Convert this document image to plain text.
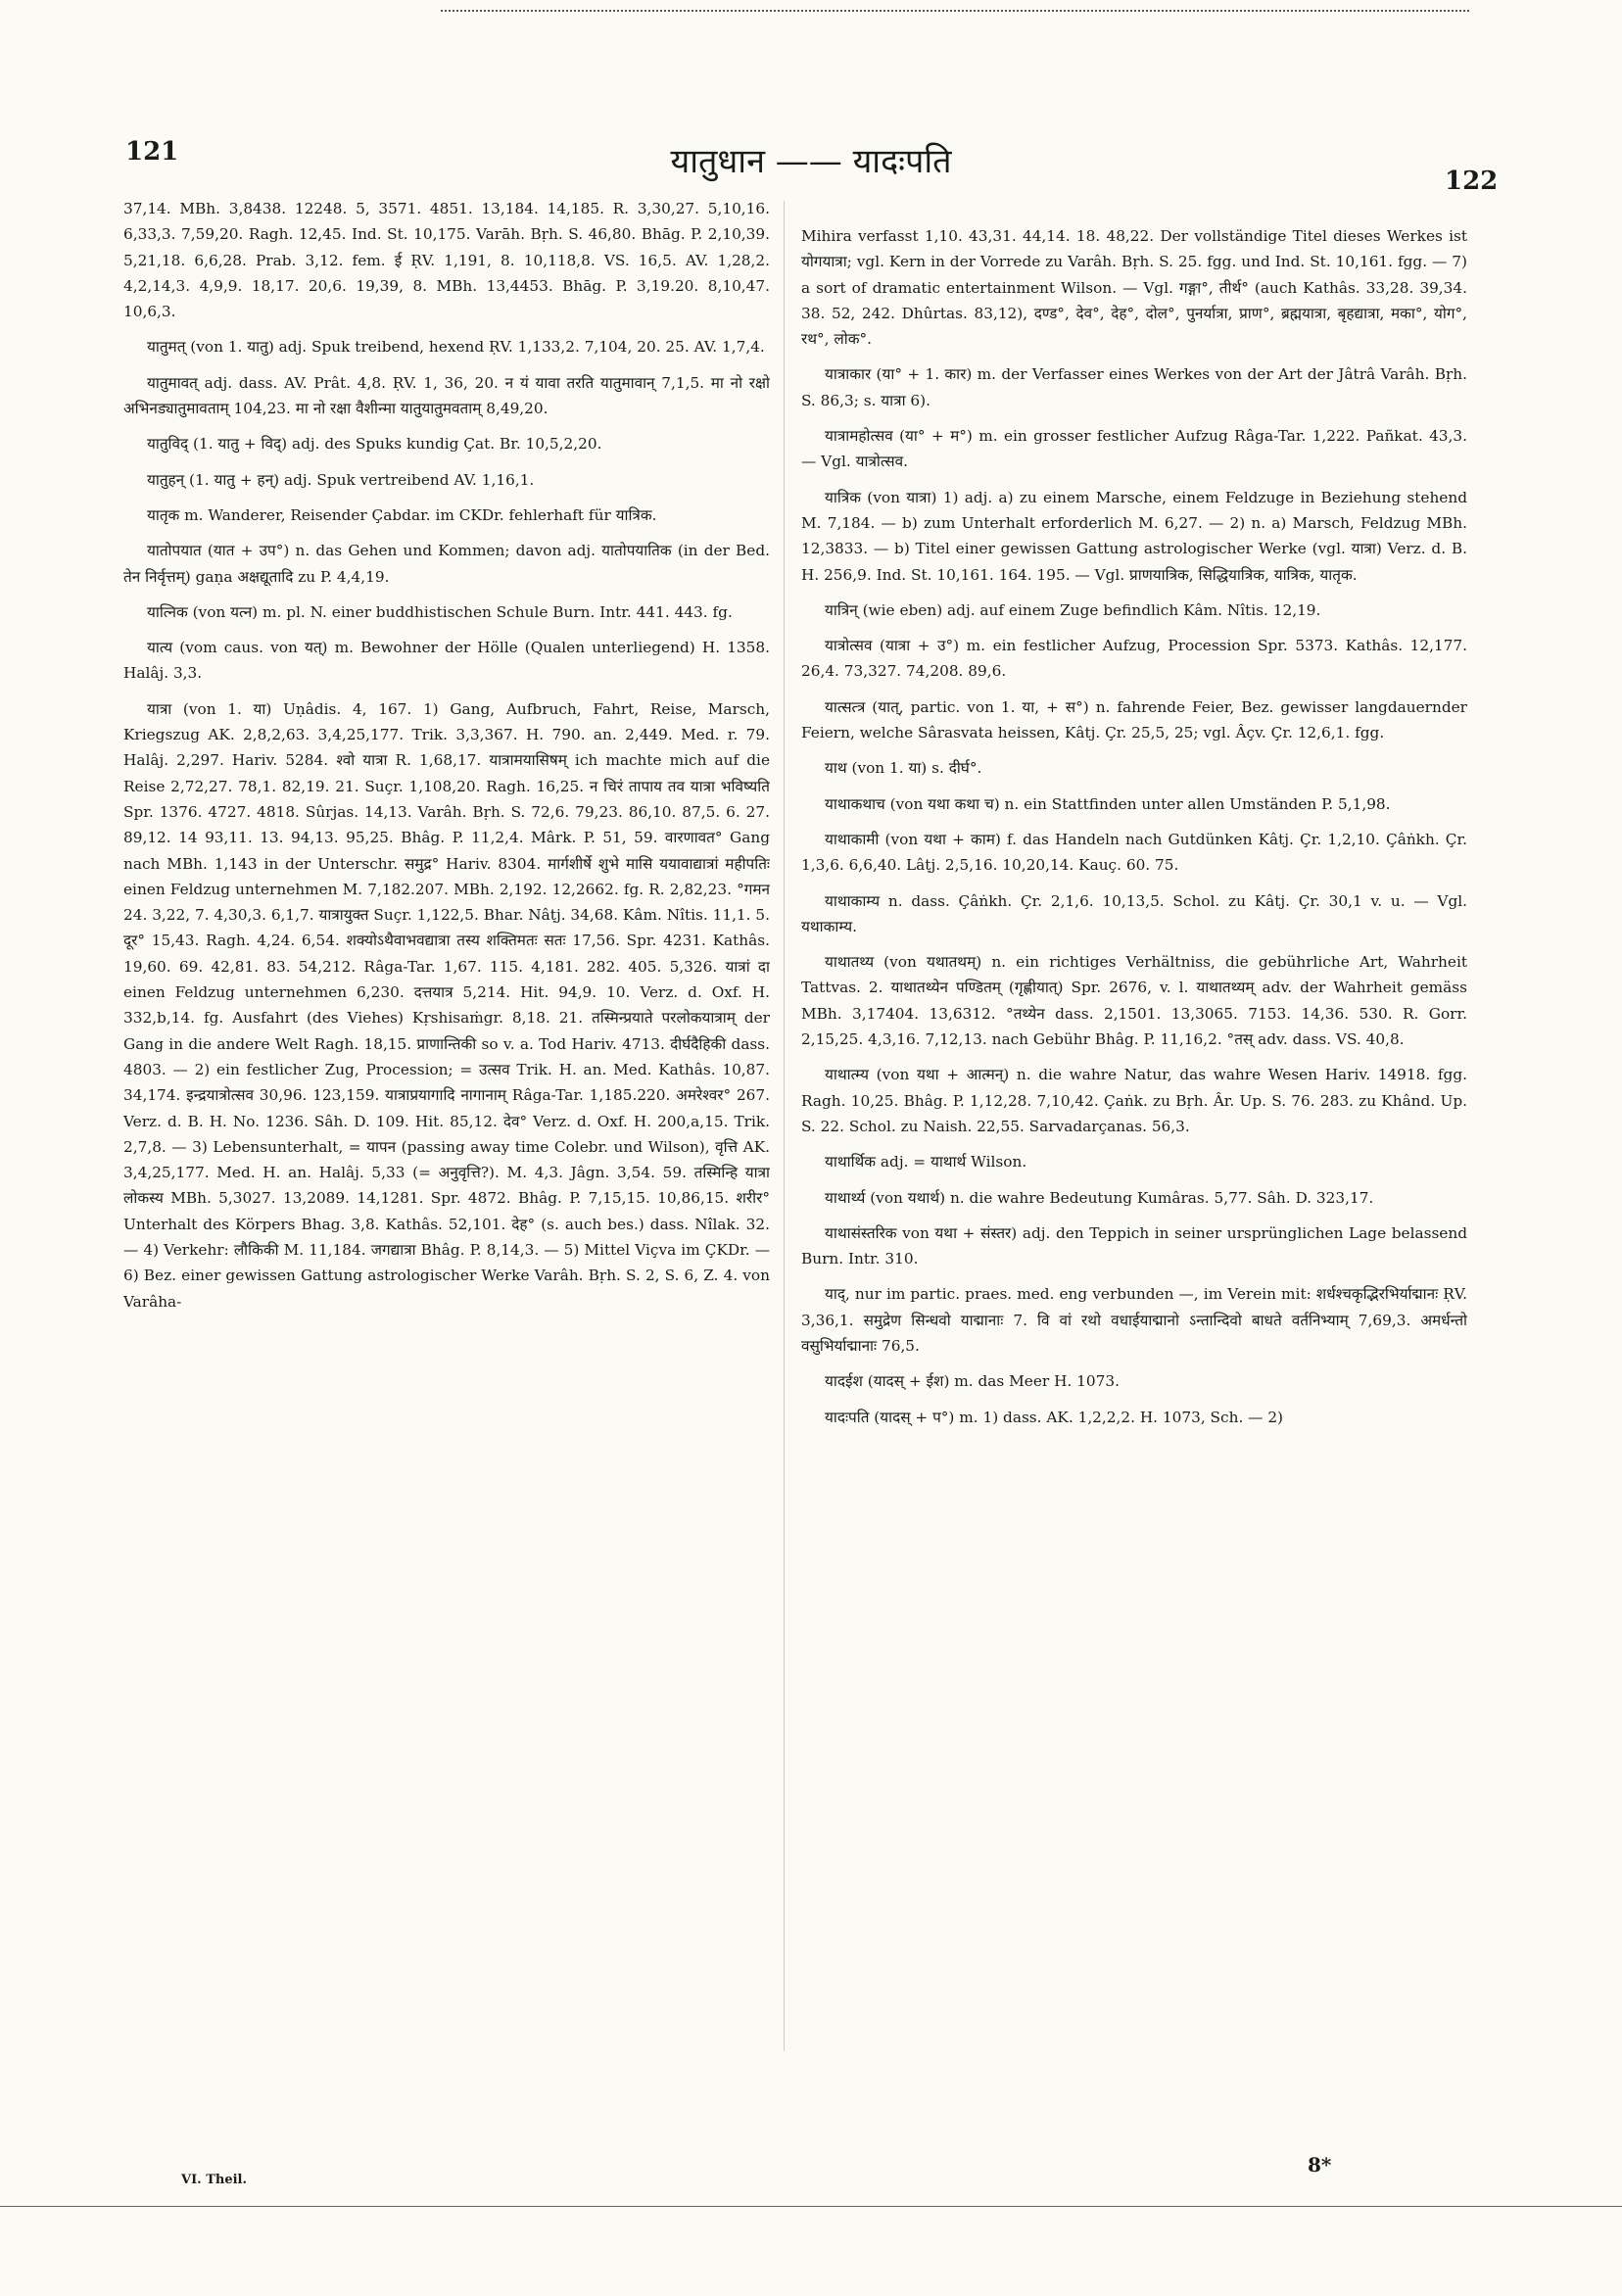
121	यातुधान —— यादःपति	122

37,14. MBh. 3,8438. 12248. 5, 3571. 4851. 13,184. 14,185. R. 3,30,27. 5,10,16. 6,33,3. 7,59,20. Ragh. 12,45. Ind. St. 10,175. Varāh. Bṛh. S. 46,80. Bhāg. P. 2,10,39. 5,21,18. 6,6,28. Prab. 3,12. fem. ई ṚV. 1,191, 8. 10,118,8. VS. 16,5. AV. 1,28,2. 4,2,14,3. 4,9,9. 18,17. 20,6. 19,39, 8. MBh. 13,4453. Bhāg. P. 3,19.20. 8,10,47. 10,6,3.

यातुमत् (von 1. यातु) adj. Spuk treibend, hexend ṚV. 1,133,2. 7,104, 20. 25. AV. 1,7,4.

यातुमावत् adj. dass. AV. Prât. 4,8. ṚV. 1, 36, 20. न यं यावा तरति यातुमावान् 7,1,5. मा नो रक्षो अभिनड्यातुमावताम् 104,23. मा नो रक्षा वैशीन्मा यातुयातुमवताम् 8,49,20.

यातुविद् (1. यातु + विद्) adj. des Spuks kundig Çat. Br. 10,5,2,20.

यातुहन् (1. यातु + हन्) adj. Spuk vertreibend AV. 1,16,1.

यातृक m. Wanderer, Reisender Çabdar. im CKDr. fehlerhaft für यात्रिक.

यातोपयात (यात + उप°) n. das Gehen und Kommen; davon adj. यातोपयातिक (in der Bed. तेन निर्वृत्तम्) gaṇa अक्षद्यूतादि zu P. 4,4,19.

यात्निक (von यत्न) m. pl. N. einer buddhistischen Schule Burn. Intr. 441. 443. fg.

यात्य (vom caus. von यत्) m. Bewohner der Hölle (Qualen unterliegend) H. 1358. Halâj. 3,3.

यात्रा (von 1. या) Uṇâdis. 4, 167. 1) Gang, Aufbruch, Fahrt, Reise, Marsch, Kriegszug AK. 2,8,2,63. 3,4,25,177. Trik. 3,3,367. H. 790. an. 2,449. Med. r. 79. Halâj. 2,297. Hariv. 5284. श्वो यात्रा R. 1,68,17. यात्रामयासिषम् ich machte mich auf die Reise 2,72,27. 78,1. 82,19. 21. Suçr. 1,108,20. Ragh. 16,25. न चिरं तापाय तव यात्रा भविष्यति Spr. 1376. 4727. 4818. Sûrjas. 14,13. Varâh. Bṛh. S. 72,6. 79,23. 86,10. 87,5. 6. 27. 89,12. 14 93,11. 13. 94,13. 95,25. Bhâg. P. 11,2,4. Mârk. P. 51, 59. वारणावत° Gang nach MBh. 1,143 in der Unterschr. समुद्र° Hariv. 8304. मार्गशीर्षे शुभे मासि ययावाद्यात्रां महीपतिः einen Feldzug unternehmen M. 7,182.207. MBh. 2,192. 12,2662. fg. R. 2,82,23. °गमन 24. 3,22, 7. 4,30,3. 6,1,7. यात्रायुक्त Suçr. 1,122,5. Bhar. Nâṭj. 34,68. Kâm. Nîtis. 11,1. 5. दूर° 15,43. Ragh. 4,24. 6,54. शक्योऽथैवाभवद्यात्रा तस्य शक्तिमतः सतः 17,56. Spr. 4231. Kathâs. 19,60. 69. 42,81. 83. 54,212. Râga-Tar. 1,67. 115. 4,181. 282. 405. 5,326. यात्रां दा einen Feldzug unternehmen 6,230. दत्तयात्र 5,214. Hit. 94,9. 10. Verz. d. Oxf. H. 332,b,14. fg. Ausfahrt (des Viehes) Kṛshisaṁgr. 8,18. 21. तस्मिन्प्रयाते परलोकयात्राम् der Gang in die andere Welt Ragh. 18,15. प्राणान्तिकी so v. a. Tod Hariv. 4713. दीर्घदैहिकी dass. 4803. — 2) ein festlicher Zug, Procession; = उत्सव Trik. H. an. Med. Kathâs. 10,87. 34,174. इन्द्रयात्रोत्सव 30,96. 123,159. यात्राप्रयागादि नागानाम् Râga-Tar. 1,185.220. अमरेश्वर° 267. Verz. d. B. H. No. 1236. Sâh. D. 109. Hit. 85,12. देव° Verz. d. Oxf. H. 200,a,15. Trik. 2,7,8. — 3) Lebensunterhalt, = यापन (passing away time Colebr. und Wilson), वृत्ति AK. 3,4,25,177. Med. H. an. Halâj. 5,33 (= अनुवृत्ति?). M. 4,3. Jâgn. 3,54. 59. तस्मिन्हि यात्रा लोकस्य MBh. 5,3027. 13,2089. 14,1281. Spr. 4872. Bhâg. P. 7,15,15. 10,86,15. शरीर° Unterhalt des Körpers Bhag. 3,8. Kathâs. 52,101. देह° (s. auch bes.) dass. Nîlak. 32. — 4) Verkehr: लौकिकी M. 11,184. जगद्यात्रा Bhâg. P. 8,14,3. — 5) Mittel Viçva im ÇKDr. — 6) Bez. einer gewissen Gattung astrologischer Werke Varâh. Bṛh. S. 2, S. 6, Z. 4. von Varâha-

Mihira verfasst 1,10. 43,31. 44,14. 18. 48,22. Der vollständige Titel dieses Werkes ist योगयात्रा; vgl. Kern in der Vorrede zu Varâh. Bṛh. S. 25. fgg. und Ind. St. 10,161. fgg. — 7) a sort of dramatic entertainment Wilson. — Vgl. गङ्गा°, तीर्थ° (auch Kathâs. 33,28. 39,34. 38. 52, 242. Dhûrtas. 83,12), दण्ड°, देव°, देह°, दोल°, पुनर्यात्रा, प्राण°, ब्रह्मयात्रा, बृहद्यात्रा, मका°, योग°, रथ°, लोक°.

यात्राकार (या° + 1. कार) m. der Verfasser eines Werkes von der Art der Jâtrâ Varâh. Bṛh. S. 86,3; s. यात्रा 6).

यात्रामहोत्सव (या° + म°) m. ein grosser festlicher Aufzug Râga-Tar. 1,222. Pañkat. 43,3. — Vgl. यात्रोत्सव.

यात्रिक (von यात्रा) 1) adj. a) zu einem Marsche, einem Feldzuge in Beziehung stehend M. 7,184. — b) zum Unterhalt erforderlich M. 6,27. — 2) n. a) Marsch, Feldzug MBh. 12,3833. — b) Titel einer gewissen Gattung astrologischer Werke (vgl. यात्रा) Verz. d. B. H. 256,9. Ind. St. 10,161. 164. 195. — Vgl. प्राणयात्रिक, सिद्धियात्रिक, यात्रिक, यातृक.

यात्रिन् (wie eben) adj. auf einem Zuge befindlich Kâm. Nîtis. 12,19.

यात्रोत्सव (यात्रा + उ°) m. ein festlicher Aufzug, Procession Spr. 5373. Kathâs. 12,177. 26,4. 73,327. 74,208. 89,6.

यात्सत्त्र (यात्, partic. von 1. या, + स°) n. fahrende Feier, Bez. gewisser langdauernder Feiern, welche Sârasvata heissen, Kâtj. Çr. 25,5, 25; vgl. Âçv. Çr. 12,6,1. fgg.

याथ (von 1. या) s. दीर्घ°.

याथाकथाच (von यथा कथा च) n. ein Stattfinden unter allen Umständen P. 5,1,98.

याथाकामी (von यथा + काम) f. das Handeln nach Gutdünken Kâtj. Çr. 1,2,10. Çâṅkh. Çr. 1,3,6. 6,6,40. Lâṭj. 2,5,16. 10,20,14. Kauç. 60. 75.

याथाकाम्य n. dass. Çâṅkh. Çr. 2,1,6. 10,13,5. Schol. zu Kâtj. Çr. 30,1 v. u. — Vgl. यथाकाम्य.

याथातथ्य (von यथातथम्) n. ein richtiges Verhältniss, die gebührliche Art, Wahrheit Tattvas. 2. याथातथ्येन पण्डितम् (गृह्णीयात्) Spr. 2676, v. l. याथातथ्यम् adv. der Wahrheit gemäss MBh. 3,17404. 13,6312. °तथ्येन dass. 2,1501. 13,3065. 7153. 14,36. 530. R. Gorr. 2,15,25. 4,3,16. 7,12,13. nach Gebühr Bhâg. P. 11,16,2. °तस् adv. dass. VS. 40,8.

याथात्म्य (von यथा + आत्मन्) n. die wahre Natur, das wahre Wesen Hariv. 14918. fgg. Ragh. 10,25. Bhâg. P. 1,12,28. 7,10,42. Çaṅk. zu Bṛh. Âr. Up. S. 76. 283. zu Khând. Up. S. 22. Schol. zu Naish. 22,55. Sarvadarçanas. 56,3.

याथार्थिक adj. = याथार्थ Wilson.

याथार्थ्य (von यथार्थ) n. die wahre Bedeutung Kumâras. 5,77. Sâh. D. 323,17.

याथासंस्तरिक von यथा + संस्तर) adj. den Teppich in seiner ursprünglichen Lage belassend Burn. Intr. 310.

याद्, nur im partic. praes. med. eng verbunden —, im Verein mit: शर्धश्चकृद्भिरभिर्याद्मानः ṚV. 3,36,1. समुद्रेण सिन्धवो याद्मानाः 7. वि वां रथो वधाईयाद्मानो ऽन्तान्दिवो बाधते वर्तनिभ्याम् 7,69,3. अमर्धन्तो वसुभिर्याद्मानाः 76,5.

यादईश (यादस् + ईश) m. das Meer H. 1073.

यादःपति (यादस् + प°) m. 1) dass. AK. 1,2,2,2. H. 1073, Sch. — 2)

VI. Theil.
8*
